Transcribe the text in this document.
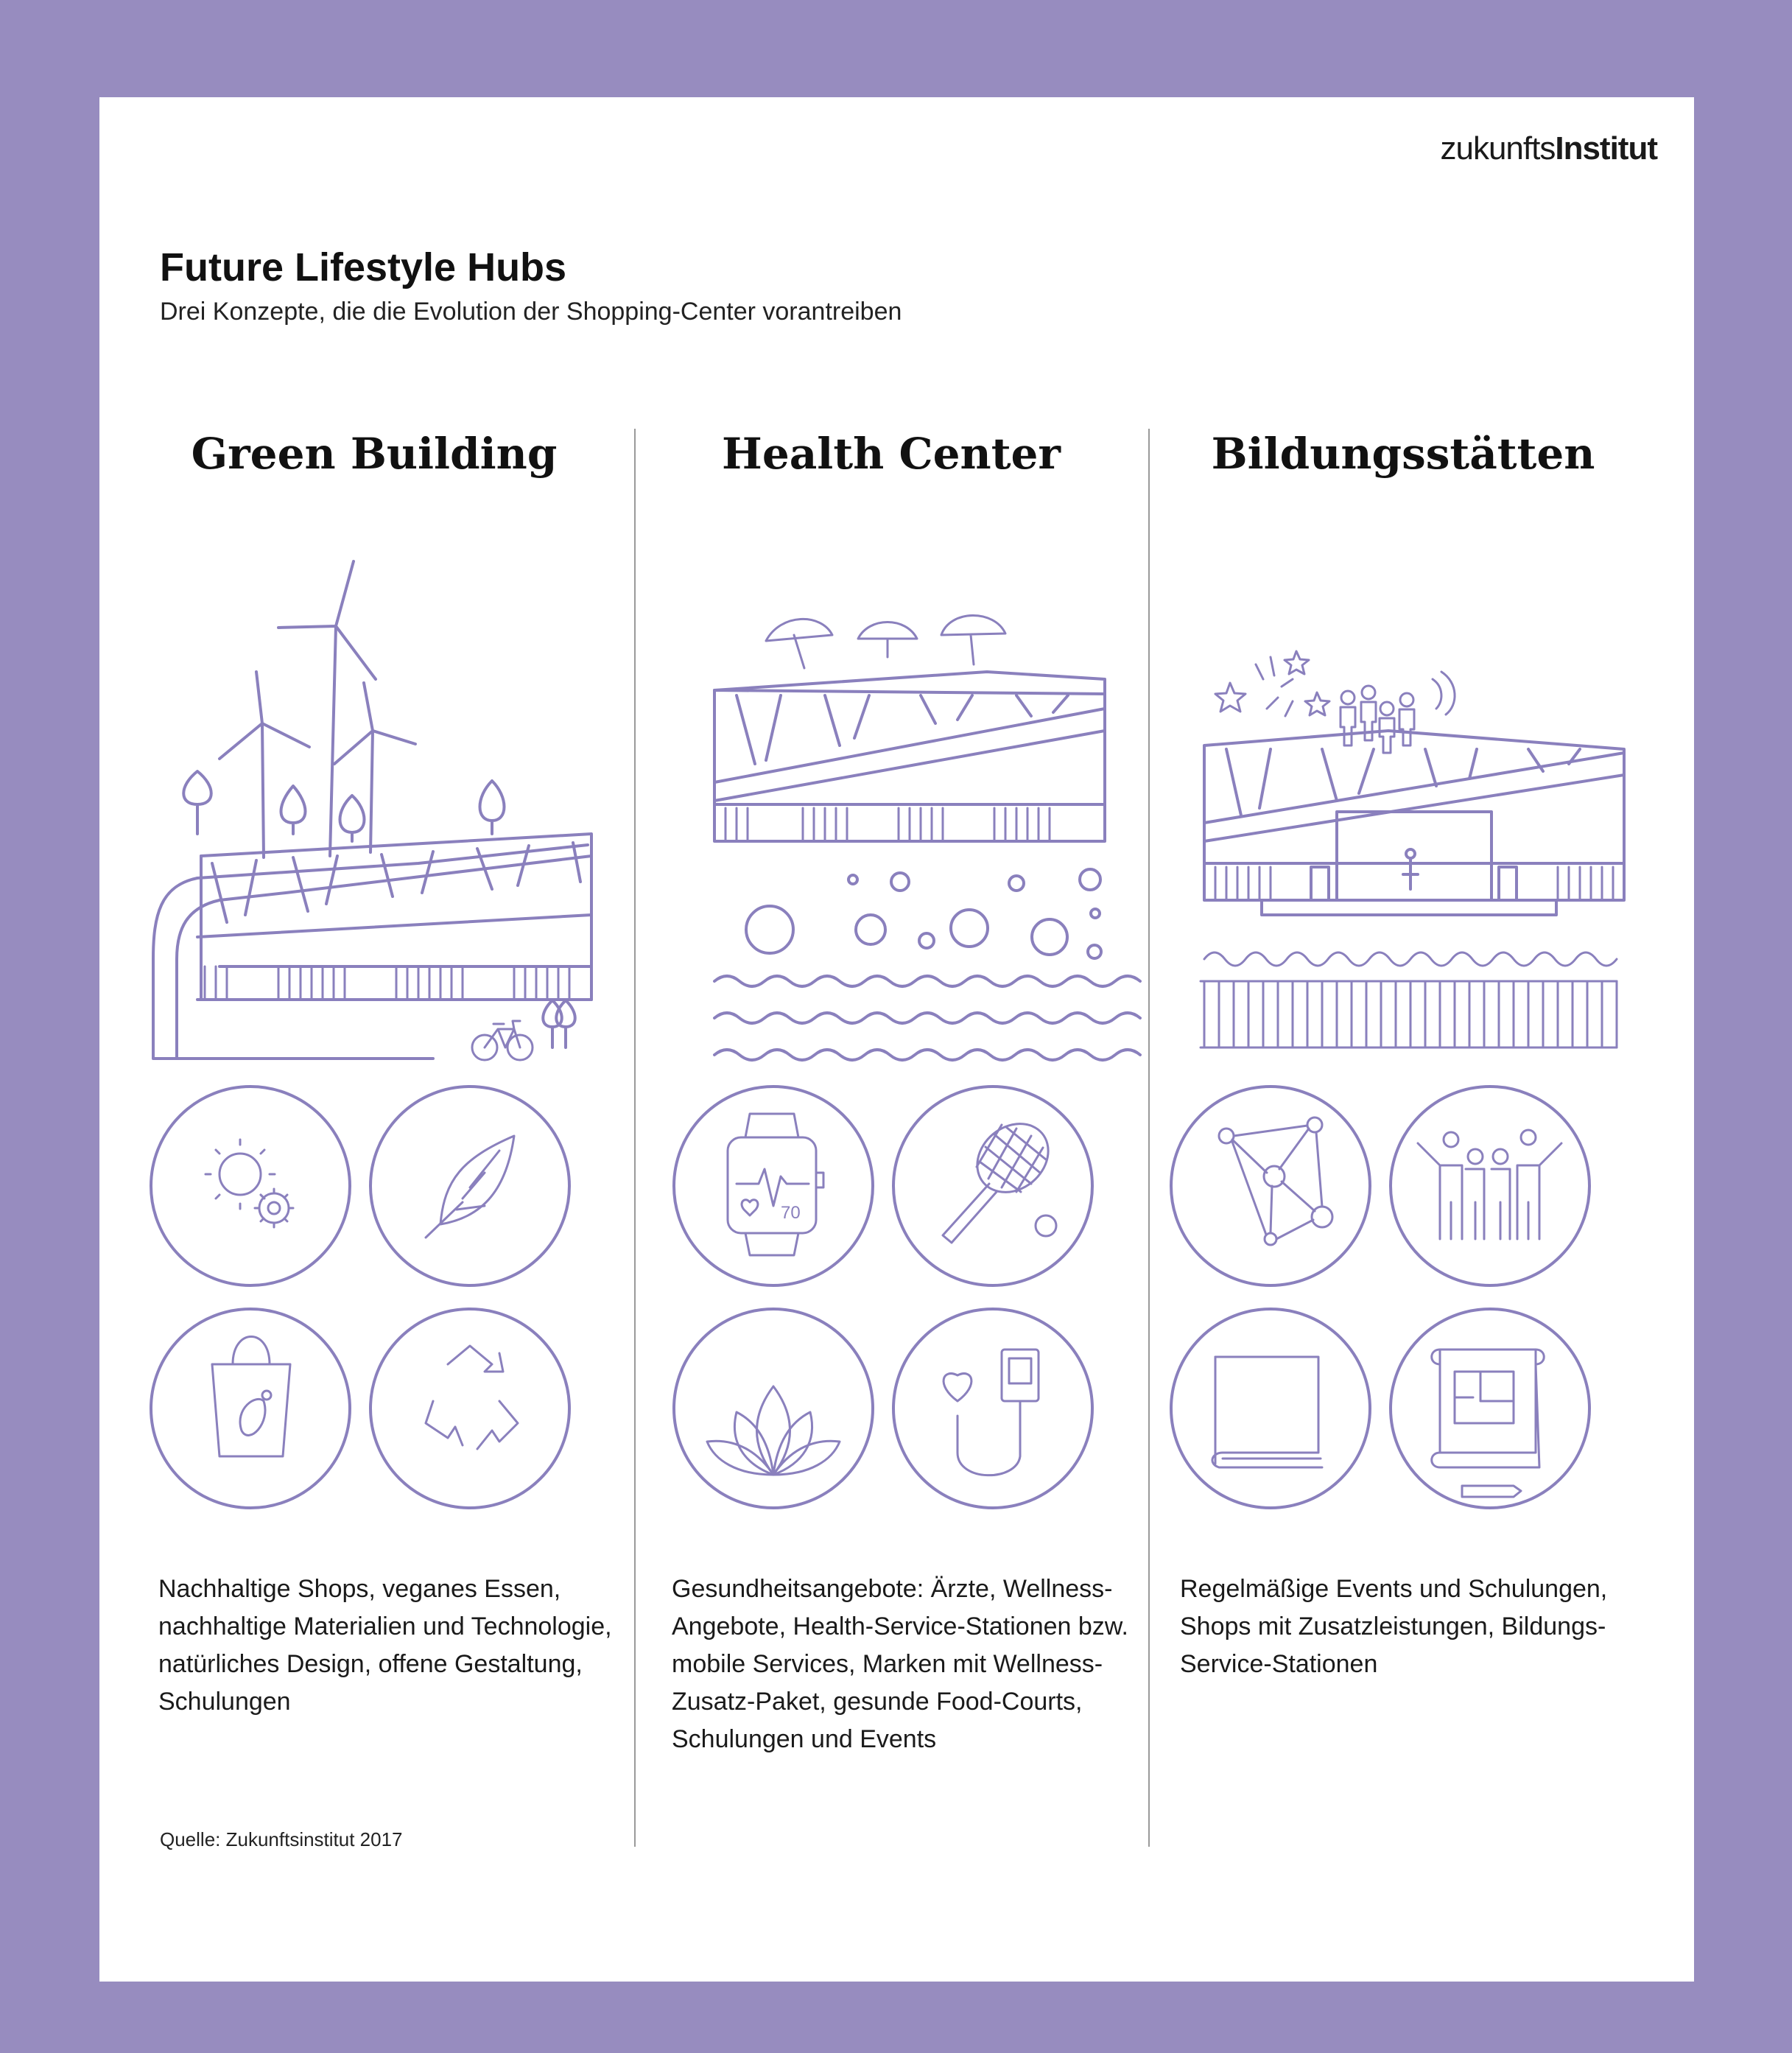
zukunftsInstitut

Future Lifestyle Hubs

Drei Konzepte, die die Evolution der Shopping-Center vorantreiben

Green Building

Nachhaltige Shops, veganes Essen, nachhaltige Materialien und Technologie, natürliches Design, offene Gestaltung, Schulungen

Health Center
70

Gesundheitsangebote: Ärzte, Wellness-Angebote, Health-Service-Stationen bzw. mobile Services, Marken mit Wellness-Zusatz-Paket, gesunde Food-Courts, Schulungen und Events

Bildungsstätten

Regelmäßige Events und Schulungen, Shops mit Zusatzleistungen, Bildungs-Service-Stationen

Quelle: Zukunftsinstitut 2017
